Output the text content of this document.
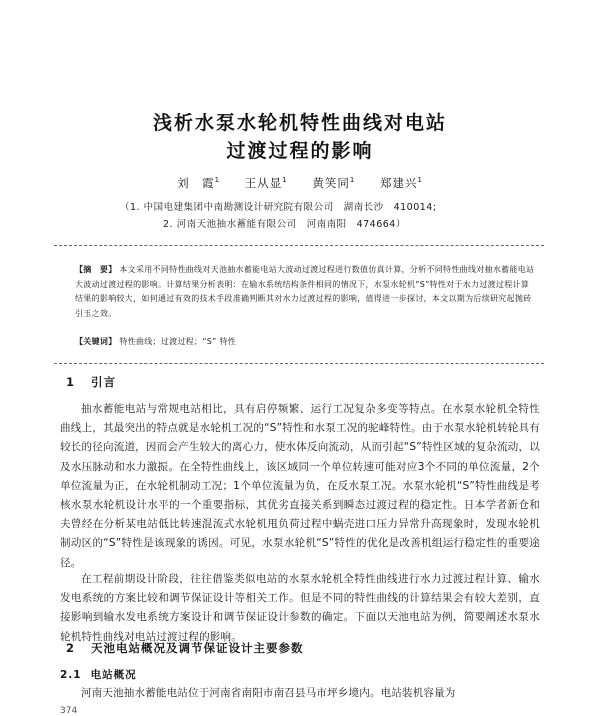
浅析水泵水轮机特性曲线对电站
过渡过程的影响
刘　霞$^1$ 王从显$^1$ 黄笑同$^1$ 郑建兴$^1$
（1. 中国电建集团中南勘测设计研究院有限公司　湖南长沙　410014;
2. 河南天池抽水蓄能有限公司　河南南阳　474664）
【摘　要】 本文采用不同特性曲线对天池抽水蓄能电站大波动过渡过程进行数值仿真计算，分析不同特性曲线对抽水蓄能电站大波动过渡过程的影响。计算结果分析表明：在输水系统结构条件相同的情况下，水泵水轮机“S”特性对于水力过渡过程计算结果的影响较大，如何通过有效的技术手段准确判断其对水力过渡过程的影响，值得进一步探讨，本文以期为后续研究起抛砖引玉之效。
【关键词】 特性曲线；过渡过程；“S” 特性
1 引言

抽水蓄能电站与常规电站相比，具有启停频繁、运行工况复杂多变等特点。在水泵水轮机全特性曲线上，其最突出的特点就是水轮机工况的“S”特性和水泵工况的驼峰特性。由于水泵水轮机转轮具有较长的径向流道，因而会产生较大的离心力，使水体反向流动，从而引起“S”特性区域的复杂流动，以及水压脉动和水力激振。在全特性曲线上，该区域同一个单位转速可能对应3个不同的单位流量，2个单位流量为正，在水轮机制动工况；1个单位流量为负，在反水泵工况。水泵水轮机“S”特性曲线是考核水泵水轮机设计水平的一个重要指标，其优劣直接关系到瞬态过渡过程的稳定性。日本学者新仓和夫曾经在分析某电站低比转速混流式水轮机甩负荷过程中蜗壳进口压力异常升高现象时，发现水轮机制动区的“S”特性是该现象的诱因。可见，水泵水轮机“S”特性的优化是改善机组运行稳定性的重要途径。

在工程前期设计阶段，往往借鉴类似电站的水泵水轮机全特性曲线进行水力过渡过程计算、输水发电系统的方案比较和调节保证设计等相关工作。但是不同的特性曲线的计算结果会有较大差别，直接影响到输水发电系统方案设计和调节保证设计参数的确定。下面以天池电站为例，简要阐述水泵水轮机特性曲线对电站过渡过程的影响。

2 天池电站概况及调节保证设计主要参数
2.1 电站概况

河南天池抽水蓄能电站位于河南省南阳市南召县马市坪乡境内。电站装机容量为

374
